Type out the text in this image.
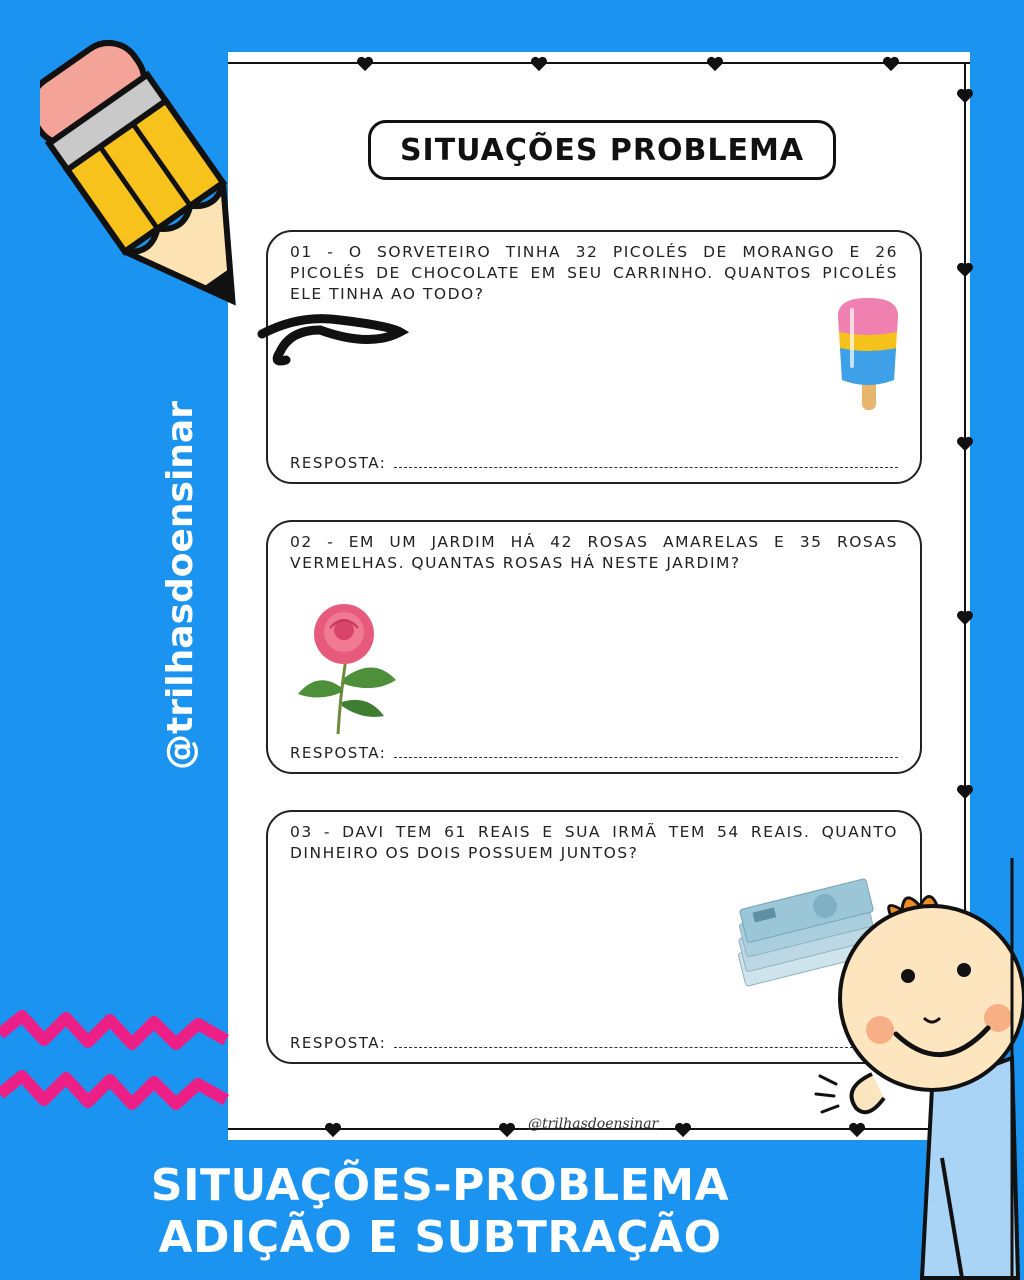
SITUAÇÕES PROBLEMA
01 - O SORVETEIRO TINHA 32 PICOLÉS DE MORANGO E 26 PICOLÉS DE CHOCOLATE EM SEU CARRINHO. QUANTOS PICOLÉS ELE TINHA AO TODO?
RESPOSTA:
02 - EM UM JARDIM HÁ 42 ROSAS AMARELAS E 35 ROSAS VERMELHAS. QUANTAS ROSAS HÁ NESTE JARDIM?
RESPOSTA:
03 - DAVI TEM 61 REAIS E SUA IRMÃ TEM 54 REAIS. QUANTO DINHEIRO OS DOIS POSSUEM JUNTOS?
RESPOSTA:
@trilhasdoensinar
@trilhasdoensinar
SITUAÇÕES-PROBLEMA
ADIÇÃO E SUBTRAÇÃO
